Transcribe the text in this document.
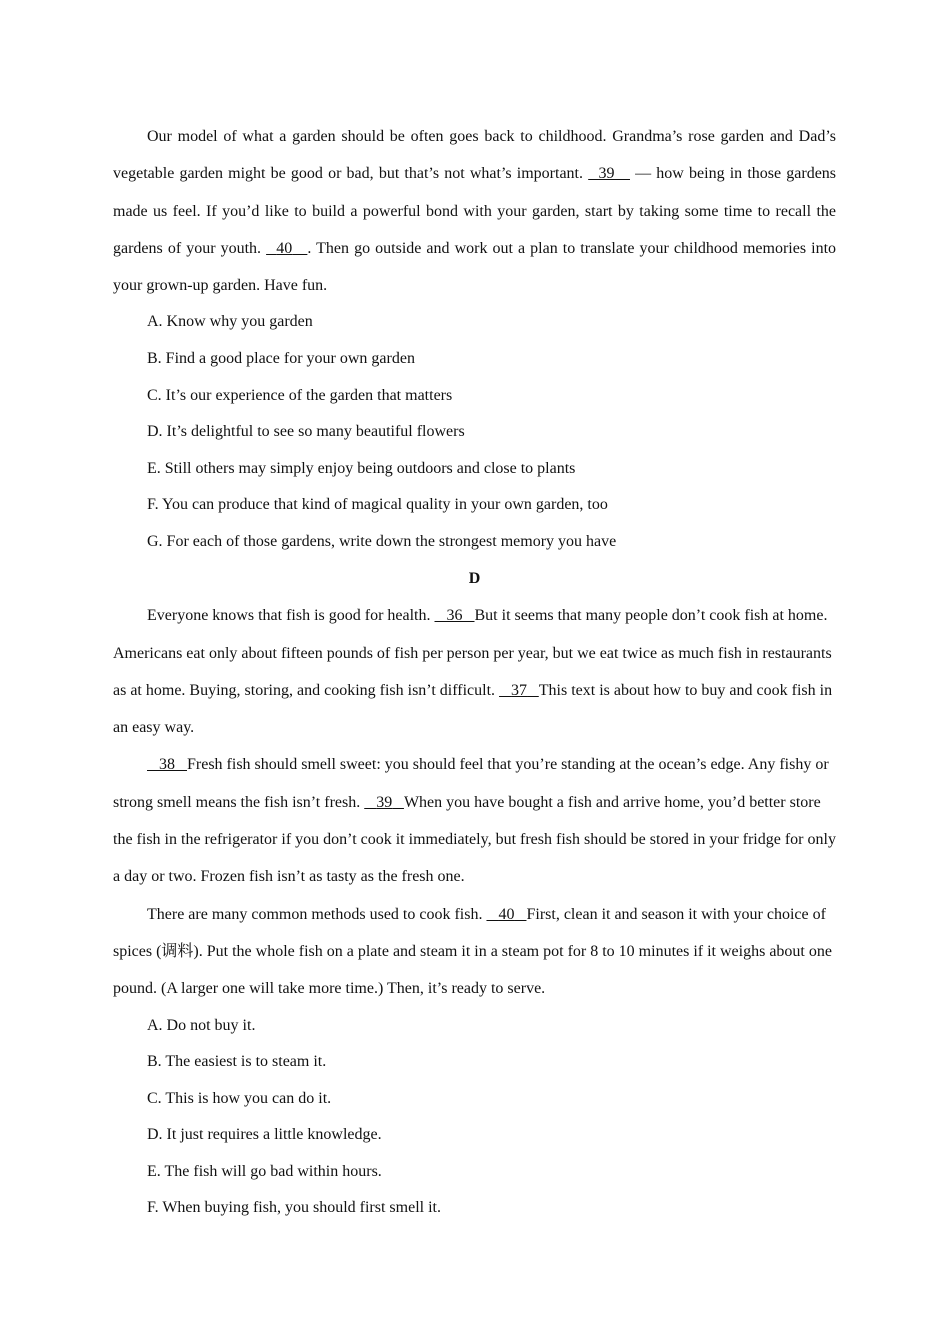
Our model of what a garden should be often goes back to childhood. Grandma’s rose garden and Dad’s vegetable garden might be good or bad, but that’s not what’s important.   39    — how being in those gardens made us feel. If you’d like to build a powerful bond with your garden, start by taking some time to recall the gardens of your youth.   40 . Then go outside and work out a plan to translate your childhood memories into your grown-up garden. Have fun.

A. Know why you garden

B. Find a good place for your own garden

C. It’s our experience of the garden that matters

D. It’s delightful to see so many beautiful flowers

E. Still others may simply enjoy being outdoors and close to plants

F. You can produce that kind of magical quality in your own garden, too

G. For each of those gardens, write down the strongest memory you have

D

Everyone knows that fish is good for health.    36 But it seems that many people don’t cook fish at home. Americans eat only about fifteen pounds of fish per person per year, but we eat twice as much fish in restaurants as at home. Buying, storing, and cooking fish isn’t difficult.    37 This text is about how to buy and cook fish in an easy way.

38 Fresh fish should smell sweet: you should feel that you’re standing at the ocean’s edge. Any fishy or strong smell means the fish isn’t fresh.    39 When you have bought a fish and arrive home, you’d better store the fish in the refrigerator if you don’t cook it immediately, but fresh fish should be stored in your fridge for only a day or two. Frozen fish isn’t as tasty as the fresh one.

There are many common methods used to cook fish.    40 First, clean it and season it with your choice of spices (调料). Put the whole fish on a plate and steam it in a steam pot for 8 to 10 minutes if it weighs about one pound. (A larger one will take more time.) Then, it’s ready to serve.

A. Do not buy it.

B. The easiest is to steam it.

C. This is how you can do it.

D. It just requires a little knowledge.

E. The fish will go bad within hours.

F. When buying fish, you should first smell it.
